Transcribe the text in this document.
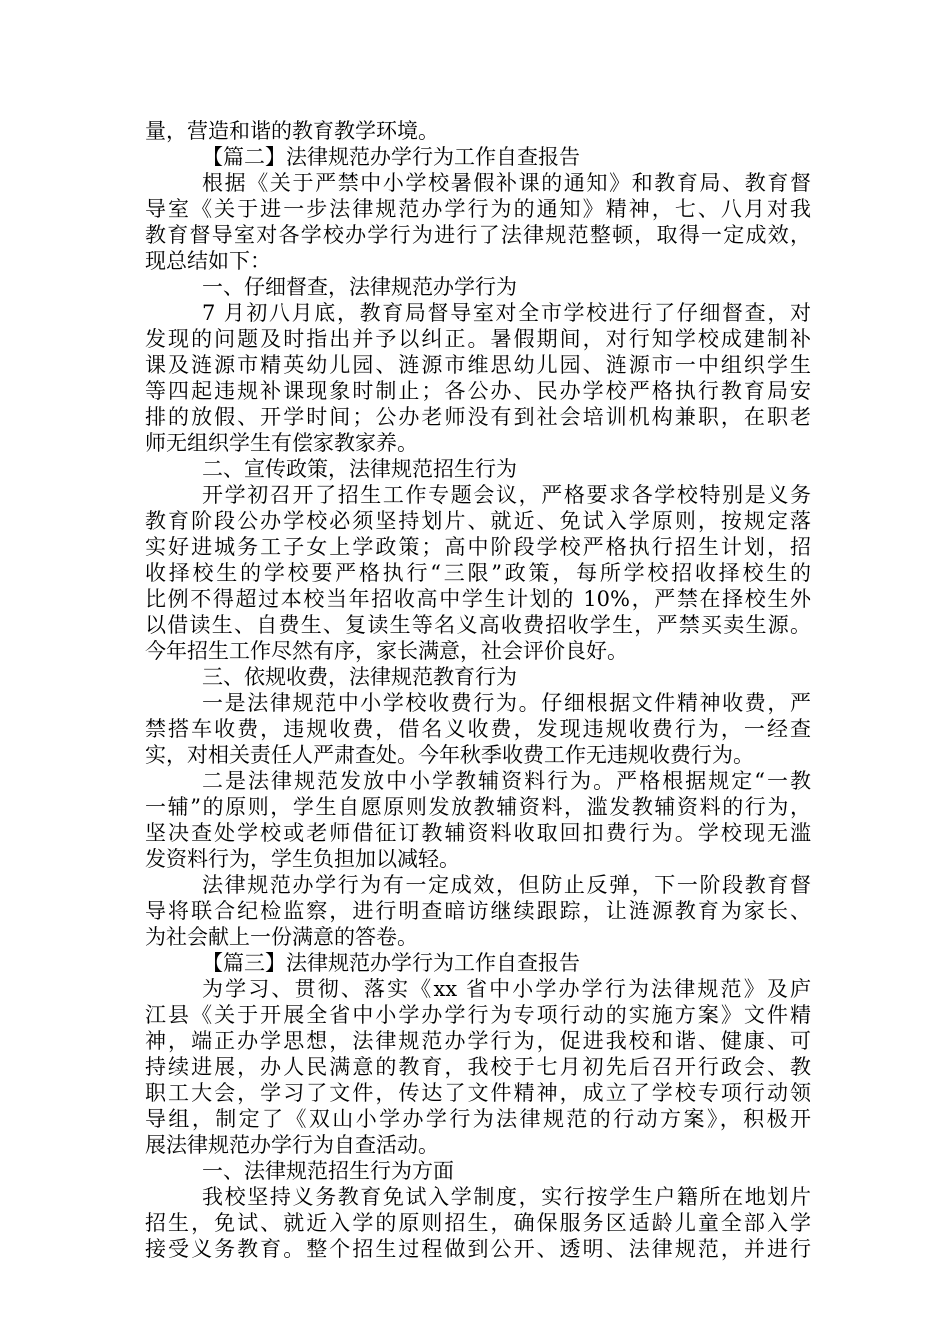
量，营造和谐的教育教学环境。
【篇二】法律规范办学行为工作自查报告
根据《关于严禁中小学校暑假补课的通知》和教育局、教育督
导室《关于进一步法律规范办学行为的通知》精神，七、八月对我
教育督导室对各学校办学行为进行了法律规范整顿，取得一定成效，
现总结如下：
一、仔细督查，法律规范办学行为
7 月初八月底，教育局督导室对全市学校进行了仔细督查，对
发现的问题及时指出并予以纠正。暑假期间，对行知学校成建制补
课及涟源市精英幼儿园、涟源市维思幼儿园、涟源市一中组织学生
等四起违规补课现象时制止；各公办、民办学校严格执行教育局安
排的放假、开学时间；公办老师没有到社会培训机构兼职，在职老
师无组织学生有偿家教家养。
二、宣传政策，法律规范招生行为
开学初召开了招生工作专题会议，严格要求各学校特别是义务
教育阶段公办学校必须坚持划片、就近、免试入学原则，按规定落
实好进城务工子女上学政策；高中阶段学校严格执行招生计划，招
收择校生的学校要严格执行“三限”政策，每所学校招收择校生的
比例不得超过本校当年招收高中学生计划的 10%，严禁在择校生外
以借读生、自费生、复读生等名义高收费招收学生，严禁买卖生源。
今年招生工作尽然有序，家长满意，社会评价良好。
三、依规收费，法律规范教育行为
一是法律规范中小学校收费行为。仔细根据文件精神收费，严
禁搭车收费，违规收费，借名义收费，发现违规收费行为，一经查
实，对相关责任人严肃查处。今年秋季收费工作无违规收费行为。
二是法律规范发放中小学教辅资料行为。严格根据规定“一教
一辅”的原则，学生自愿原则发放教辅资料，滥发教辅资料的行为，
坚决查处学校或老师借征订教辅资料收取回扣费行为。学校现无滥
发资料行为，学生负担加以减轻。
法律规范办学行为有一定成效，但防止反弹，下一阶段教育督
导将联合纪检监察，进行明查暗访继续跟踪，让涟源教育为家长、
为社会献上一份满意的答卷。
【篇三】法律规范办学行为工作自查报告
为学习、贯彻、落实《xx 省中小学办学行为法律规范》及庐
江县《关于开展全省中小学办学行为专项行动的实施方案》文件精
神，端正办学思想，法律规范办学行为，促进我校和谐、健康、可
持续进展，办人民满意的教育，我校于七月初先后召开行政会、教
职工大会，学习了文件，传达了文件精神，成立了学校专项行动领
导组，制定了《双山小学办学行为法律规范的行动方案》，积极开
展法律规范办学行为自查活动。
一、法律规范招生行为方面
我校坚持义务教育免试入学制度，实行按学生户籍所在地划片
招生，免试、就近入学的原则招生，确保服务区适龄儿童全部入学
接受义务教育。整个招生过程做到公开、透明、法律规范，并进行
